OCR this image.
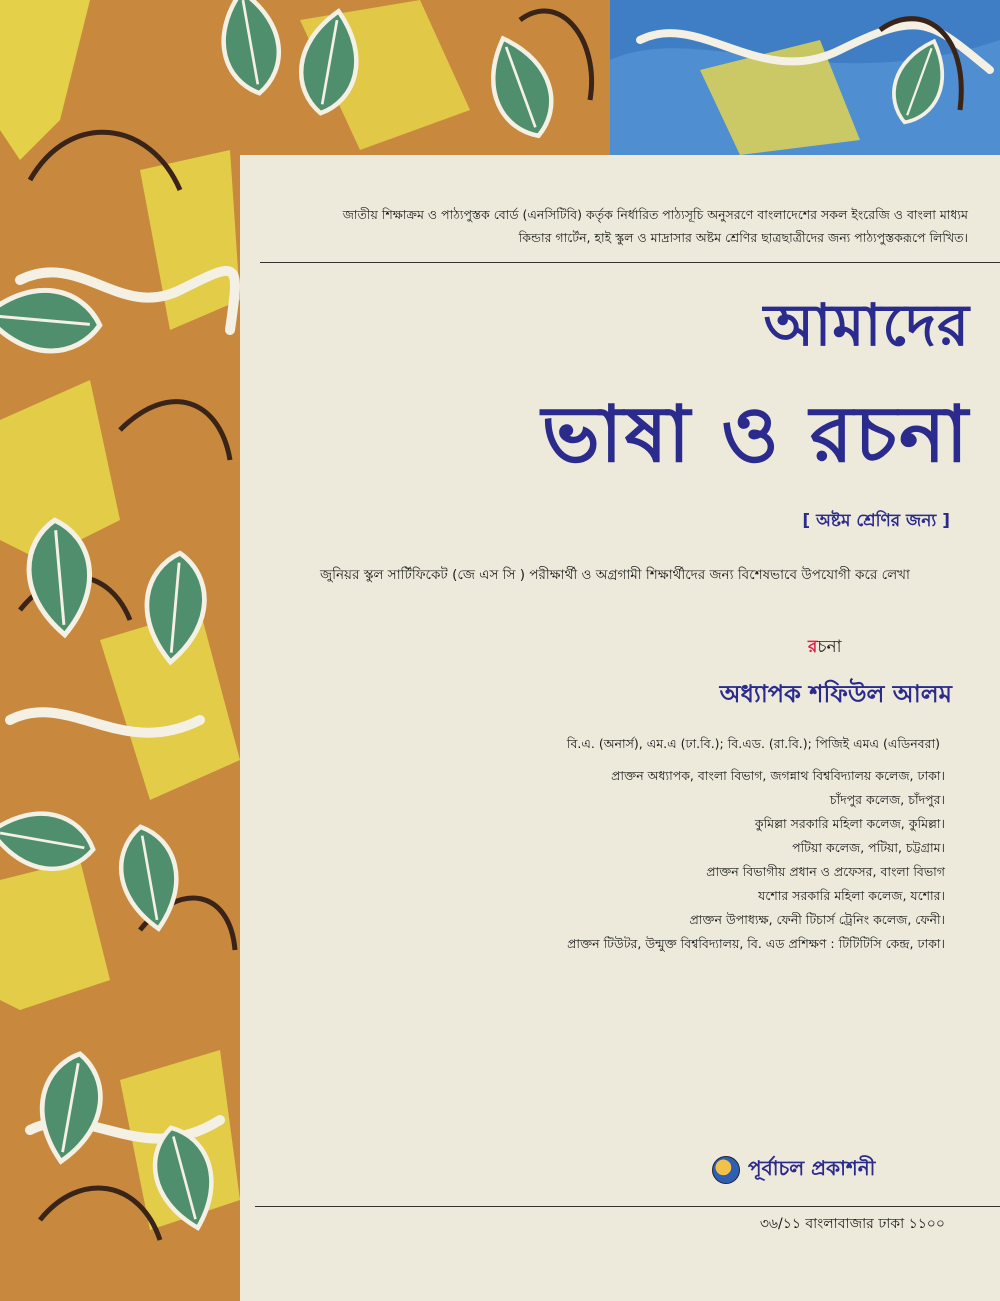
জাতীয় শিক্ষাক্রম ও পাঠ্যপুস্তক বোর্ড (এনসিটিবি) কর্তৃক নির্ধারিত পাঠ্যসূচি অনুসরণে বাংলাদেশের সকল ইংরেজি ও বাংলা মাধ্যম
কিন্ডার গার্টেন, হাই স্কুল ও মাদ্রাসার অষ্টম শ্রেণির ছাত্রছাত্রীদের জন্য পাঠ্যপুস্তকরূপে লিখিত।
আমাদের
ভাষা ও রচনা
[ অষ্টম শ্রেণির জন্য ]
জুনিয়র স্কুল সার্টিফিকেট (জে এস সি ) পরীক্ষার্থী ও অগ্রগামী শিক্ষার্থীদের জন্য বিশেষভাবে উপযোগী করে লেখা
রচনা
অধ্যাপক শফিউল আলম
বি.এ. (অনার্স), এম.এ (ঢা.বি.); বি.এড. (রা.বি.); পিজিই এমএ (এডিনবরা)
প্রাক্তন অধ্যাপক, বাংলা বিভাগ, জগন্নাথ বিশ্ববিদ্যালয় কলেজ, ঢাকা।
চাঁদপুর কলেজ, চাঁদপুর।
কুমিল্লা সরকারি মহিলা কলেজ, কুমিল্লা।
পটিয়া কলেজ, পটিয়া, চট্টগ্রাম।
প্রাক্তন বিভাগীয় প্রধান ও প্রফেসর, বাংলা বিভাগ
যশোর সরকারি মহিলা কলেজ, যশোর।
প্রাক্তন উপাধ্যক্ষ, ফেনী টিচার্স ট্রেনিং কলেজ, ফেনী।
প্রাক্তন টিউটর, উন্মুক্ত বিশ্ববিদ্যালয়, বি. এড প্রশিক্ষণ : টিটিটিসি কেন্দ্র, ঢাকা।
পূর্বাচল প্রকাশনী
৩৬/১১ বাংলাবাজার ঢাকা ১১০০
